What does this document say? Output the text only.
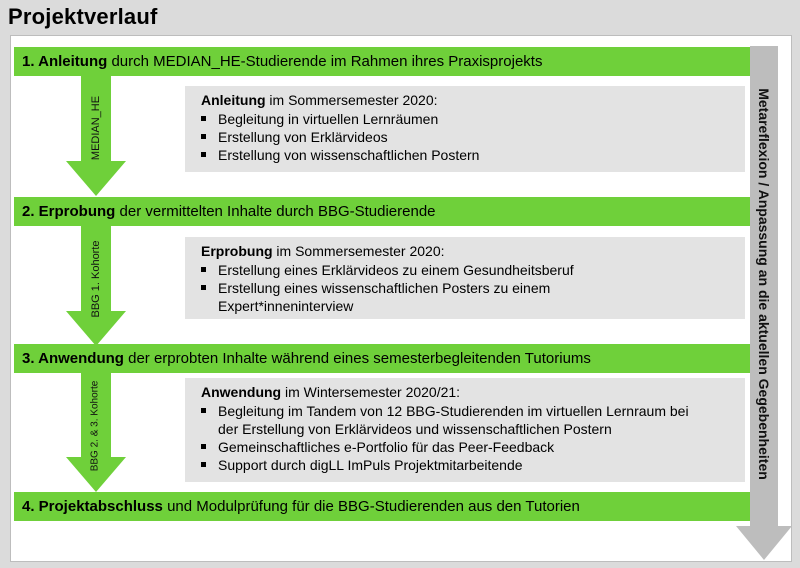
Projektverlauf
Metareflexion / Anpassung an die aktuellen Gegebenheiten
MEDIAN_HE
BBG 1. Kohorte
BBG 2. & 3. Kohorte
1. Anleitung durch MEDIAN_HE-Studierende im Rahmen ihres Praxisprojekts
2. Erprobung der vermittelten Inhalte durch BBG-Studierende
3. Anwendung der erprobten Inhalte während eines semesterbegleitenden Tutoriums
4. Projektabschluss und Modulprüfung für die BBG-Studierenden aus den Tutorien
Anleitung im Sommersemester 2020:
Begleitung in virtuellen Lernräumen
Erstellung von Erklärvideos
Erstellung von wissenschaftlichen Postern
Erprobung im Sommersemester 2020:
Erstellung eines Erklärvideos zu einem Gesundheitsberuf
Erstellung eines wissenschaftlichen Posters zu einem Expert*inneninterview
Anwendung im Wintersemester 2020/21:
Begleitung im Tandem von 12 BBG-Studierenden im virtuellen Lernraum bei der Erstellung von Erklärvideos und wissenschaftlichen Postern
Gemeinschaftliches e-Portfolio für das Peer-Feedback
Support durch digLL ImPuls Projektmitarbeitende
